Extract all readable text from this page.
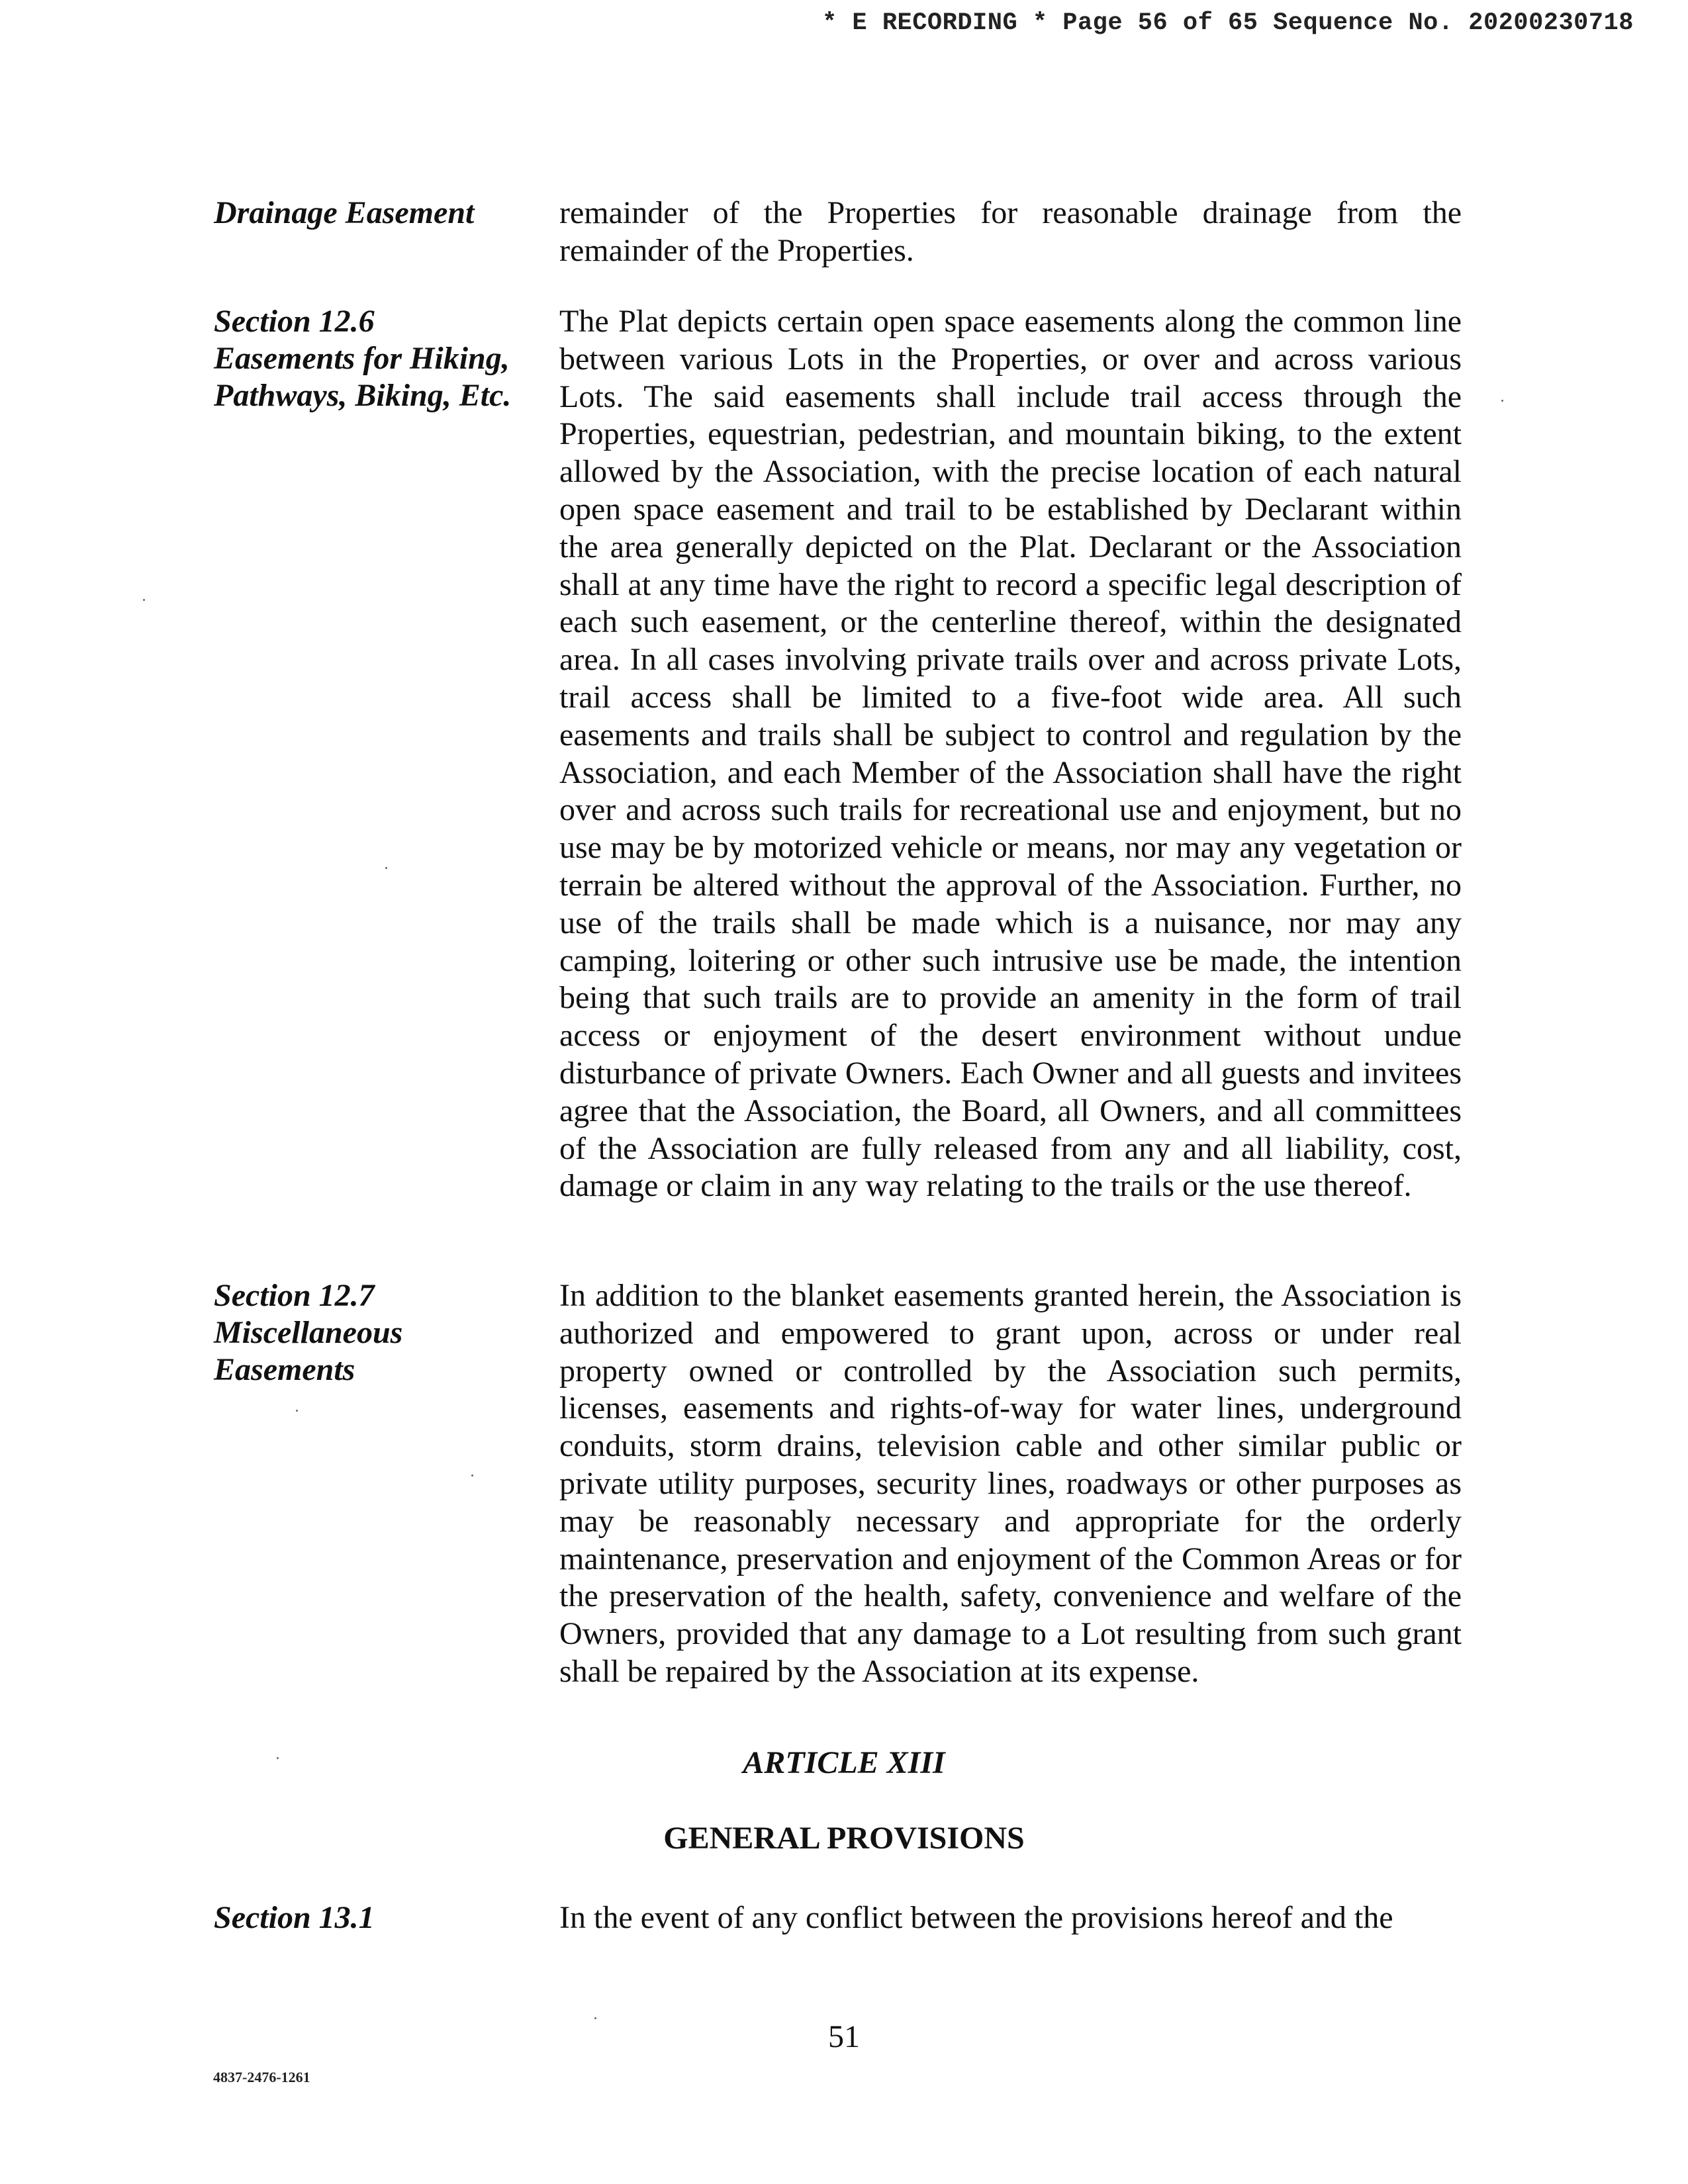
* E RECORDING * Page 56 of 65 Sequence No. 20200230718
Drainage Easement	remainder of the Properties for reasonable drainage from the remainder of the Properties.
Section 12.6
Easements for Hiking,
Pathways, Biking, Etc.
The Plat depicts certain open space easements along the common line between various Lots in the Properties, or over and across various Lots. The said easements shall include trail access through the Properties, equestrian, pedestrian, and mountain biking, to the extent allowed by the Association, with the precise location of each natural open space easement and trail to be established by Declarant within the area generally depicted on the Plat. Declarant or the Association shall at any time have the right to record a specific legal description of each such easement, or the centerline thereof, within the designated area. In all cases involving private trails over and across private Lots, trail access shall be limited to a five-foot wide area. All such easements and trails shall be subject to control and regulation by the Association, and each Member of the Association shall have the right over and across such trails for recreational use and enjoyment, but no use may be by motorized vehicle or means, nor may any vegetation or terrain be altered without the approval of the Association. Further, no use of the trails shall be made which is a nuisance, nor may any camping, loitering or other such intrusive use be made, the intention being that such trails are to provide an amenity in the form of trail access or enjoyment of the desert environment without undue disturbance of private Owners. Each Owner and all guests and invitees agree that the Association, the Board, all Owners, and all committees of the Association are fully released from any and all liability, cost, damage or claim in any way relating to the trails or the use thereof.
Section 12.7
Miscellaneous
Easements
In addition to the blanket easements granted herein, the Association is authorized and empowered to grant upon, across or under real property owned or controlled by the Association such permits, licenses, easements and rights-of-way for water lines, underground conduits, storm drains, television cable and other similar public or private utility purposes, security lines, roadways or other purposes as may be reasonably necessary and appropriate for the orderly maintenance, preservation and enjoyment of the Common Areas or for the preservation of the health, safety, convenience and welfare of the Owners, provided that any damage to a Lot resulting from such grant shall be repaired by the Association at its expense.
ARTICLE XIII
GENERAL PROVISIONS
Section 13.1	In the event of any conflict between the provisions hereof and the
51
4837-2476-1261
